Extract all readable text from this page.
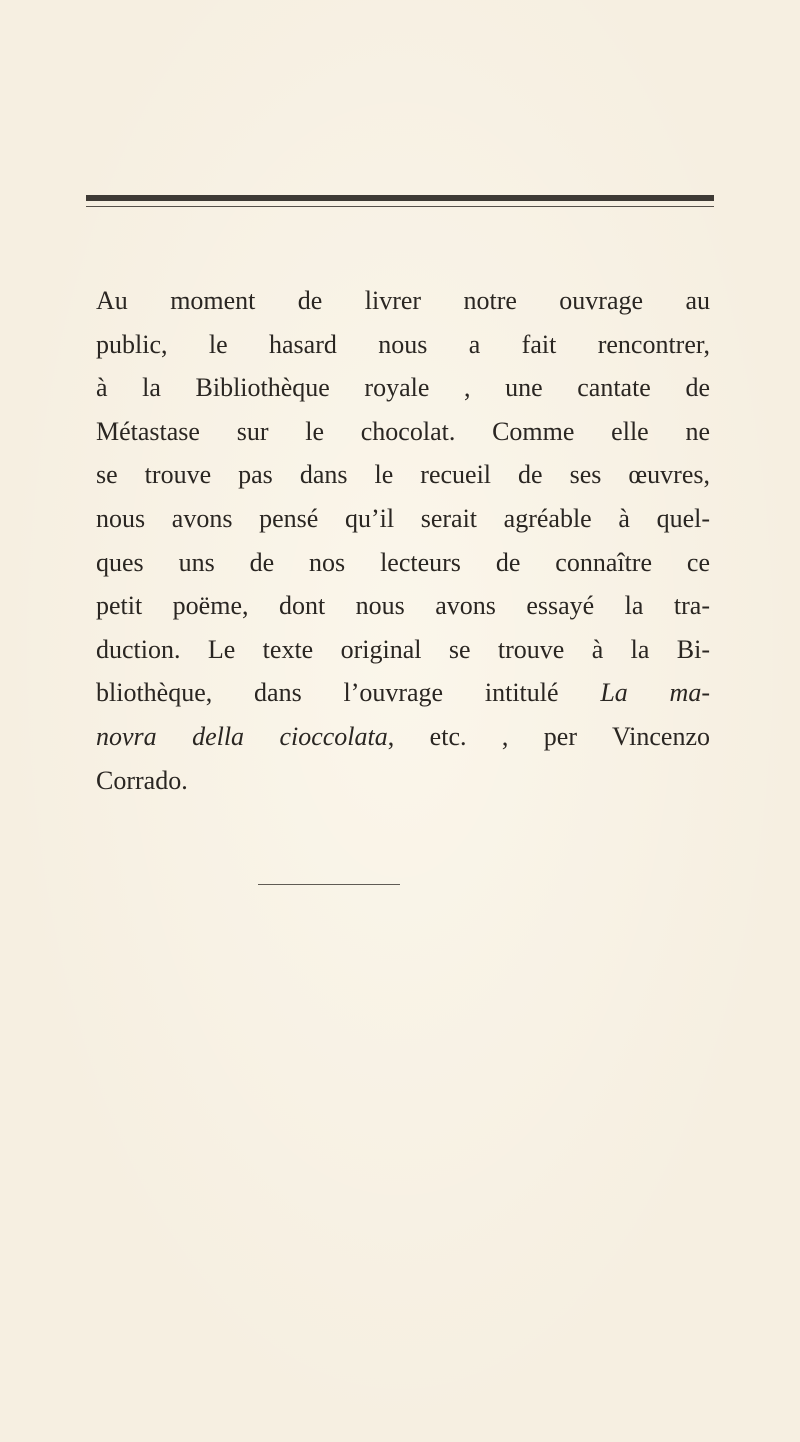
Au moment de livrer notre ouvrage au
public, le hasard nous a fait rencontrer,
à la Bibliothèque royale , une cantate de
Métastase sur le chocolat. Comme elle ne
se trouve pas dans le recueil de ses œuvres,
nous avons pensé qu’il serait agréable à quel-
ques uns de nos lecteurs de connaître ce
petit poëme, dont nous avons essayé la tra-
duction. Le texte original se trouve à la Bi-
bliothèque, dans l’ouvrage intitulé La ma-
novra della cioccolata, etc. , per Vincenzo
Corrado.
